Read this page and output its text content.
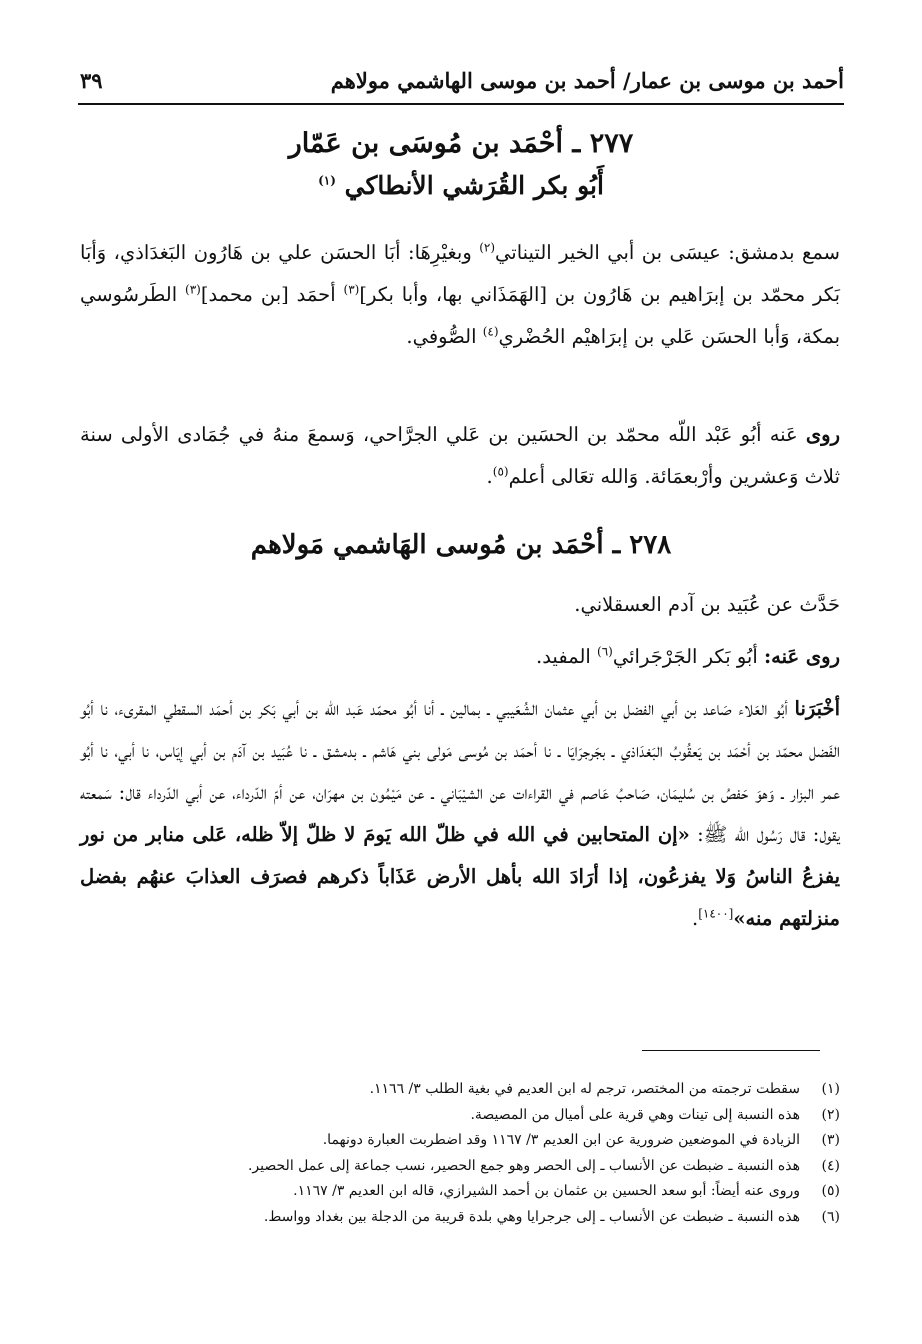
أحمد بن موسى بن عمار/ أحمد بن موسى الهاشمي مولاهم
٣٩
٢٧٧ ـ أحْمَد بن مُوسَى بن عَمّار
أَبُو بكر القُرَشي الأنطاكي $^{(١)}$
سمع بدمشق: عيسَى بن أبي الخير التيناتي$^{(٢)}$ وبغيْرِهَا: أبَا الحسَن علي بن هَارُون البَغدَاذي، وَأبَا بَكر محمّد بن إبرَاهيم بن هَارُون بن [الهَمَذَاني بها، وأبا بكر]$^{(٣)}$ أحمَد [بن محمد]$^{(٣)}$ الطَرسُوسي بمكة، وَأبا الحسَن عَلي بن إبرَاهيْم الحُضْري$^{(٤)}$ الصُّوفي.
روى عَنه أبُو عَبْد اللّه محمّد بن الحسَين بن عَلي الجرَّاحي، وَسمعَ منهُ في جُمَادى الأولى سنة ثلاث وَعشرين وأرْبعمَائة. وَالله تعَالى أعلم$^{(٥)}$.
٢٧٨ ـ أحْمَد بن مُوسى الهَاشمي مَولاهم
حَدَّث عن عُبَيد بن آدم العسقلاني.
روى عَنه: أبُو بَكر الجَرْجَرائي$^{(٦)}$ المفيد.
أخْبَرَنا أبُو العَلاء صَاعد بن أبي الفضل بن أبي عثمان الشُعَيبي ـ بمالين ـ أنا أبُو محمّد عَبد اللّه بن أبي بَكر بن أحمَد السقطي المقرىء، نا أبُو الفَضل محمّد بن أحْمَد بن يَعقُوبُ البَغدَاذي ـ بجَرجرَايَا ـ نا أحمَد بن مُوسى مَولى بني هَاشم ـ بدمشق ـ نا عُبَيد بن آدَم بن أبي إيَاس، نا أبي، نا أبُو عمر البزار ـ وَهوَ حَفصُ بن سُليمَان، صَاحبُ عَاصم في القراءات عن الشيْبَاني ـ عن مَيْمُون بن مهرَان، عن أمّ الدّرداء، عن أبي الدّرداء قال: سَمعته يقول: قال رَسُول الله ﷺ: «إن المتحابين في الله في ظلّ الله يَومَ لا ظلّ إلاّ ظله، عَلى منابر من نور يفزعُ الناسُ وَلا يفزعُون، إذا أرَادَ الله بأهل الأرض عَذَاباً ذكرهم فصرَف العذابَ عنهُم بفضل منزلتهم منه»[١٤٠٠].
(١)سقطت ترجمته من المختصر، ترجم له ابن العديم في بغية الطلب ٣/ ١١٦٦.
(٢)هذه النسبة إلى تينات وهي قرية على أميال من المصيصة.
(٣)الزيادة في الموضعين ضرورية عن ابن العديم ٣/ ١١٦٧ وقد اضطربت العبارة دونهما.
(٤)هذه النسبة ـ ضبطت عن الأنساب ـ إلى الحصر وهو جمع الحصير، نسب جماعة إلى عمل الحصير.
(٥)وروى عنه أيضاً: أبو سعد الحسين بن عثمان بن أحمد الشيرازي، قاله ابن العديم ٣/ ١١٦٧.
(٦)هذه النسبة ـ ضبطت عن الأنساب ـ إلى جرجرايا وهي بلدة قريبة من الدجلة بين بغداد وواسط.
